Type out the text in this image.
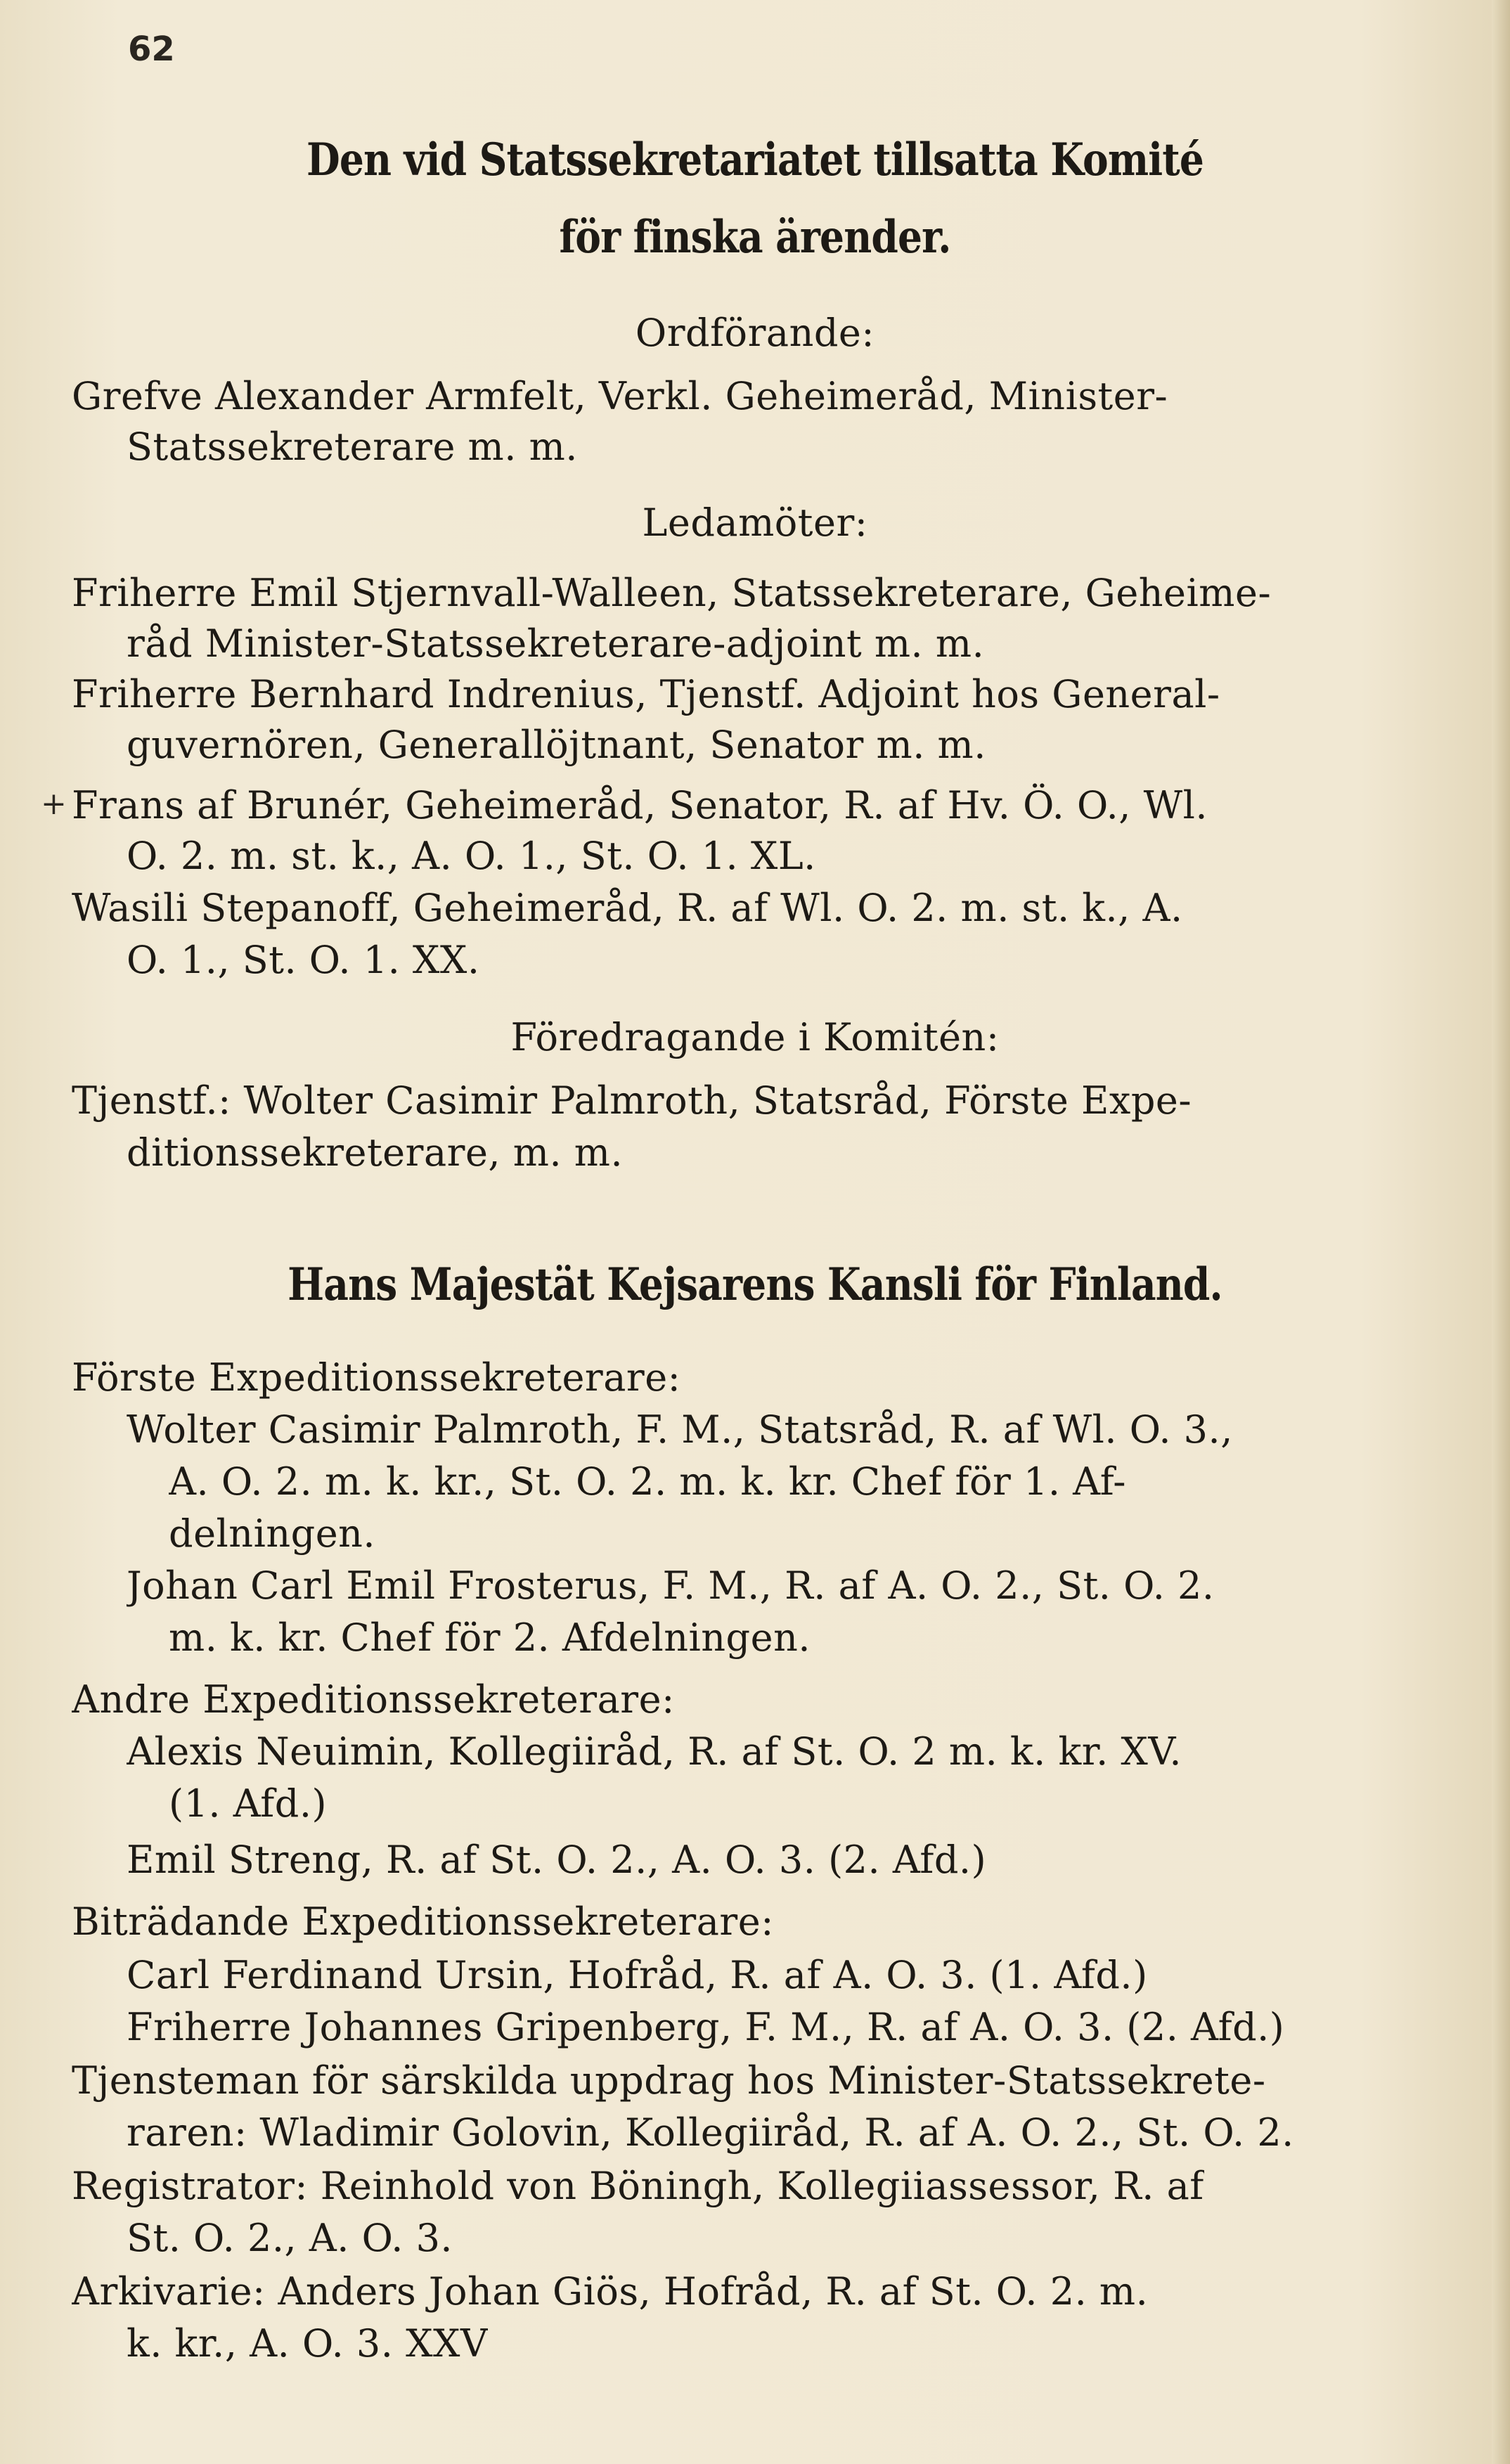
62
Den vid Statssekretariatet tillsatta Komité
för finska ärender.
Ordförande:
Grefve Alexander Armfelt, Verkl. Geheimeråd, Minister-
Statssekreterare m. m.
Ledamöter:
Friherre Emil Stjernvall-Walleen, Statssekreterare, Geheime-
råd Minister-Statssekreterare-adjoint m. m.
Friherre Bernhard Indrenius, Tjenstf. Adjoint hos General-
guvernören, Generallöjtnant, Senator m. m.
+ Frans af Brunér, Geheimeråd, Senator, R. af Hv. Ö. O., Wl.
O. 2. m. st. k., A. O. 1., St. O. 1. XL.
Wasili Stepanoff, Geheimeråd, R. af Wl. O. 2. m. st. k., A.
O. 1., St. O. 1. XX.
Föredragande i Komitén:
Tjenstf.: Wolter Casimir Palmroth, Statsråd, Förste Expe-
ditionssekreterare, m. m.
Hans Majestät Kejsarens Kansli för Finland.
Förste Expeditionssekreterare:
Wolter Casimir Palmroth, F. M., Statsråd, R. af Wl. O. 3.,
A. O. 2. m. k. kr., St. O. 2. m. k. kr. Chef för 1. Af-
delningen.
Johan Carl Emil Frosterus, F. M., R. af A. O. 2., St. O. 2.
m. k. kr. Chef för 2. Afdelningen.
Andre Expeditionssekreterare:
Alexis Neuimin, Kollegiiråd, R. af St. O. 2 m. k. kr. XV.
(1. Afd.)
Emil Streng, R. af St. O. 2., A. O. 3. (2. Afd.)
Biträdande Expeditionssekreterare:
Carl Ferdinand Ursin, Hofråd, R. af A. O. 3. (1. Afd.)
Friherre Johannes Gripenberg, F. M., R. af A. O. 3. (2. Afd.)
Tjensteman för särskilda uppdrag hos Minister-Statssekrete-
raren: Wladimir Golovin, Kollegiiråd, R. af A. O. 2., St. O. 2.
Registrator: Reinhold von Böningh, Kollegiiassessor, R. af
St. O. 2., A. O. 3.
Arkivarie: Anders Johan Giös, Hofråd, R. af St. O. 2. m.
k. kr., A. O. 3. XXV
